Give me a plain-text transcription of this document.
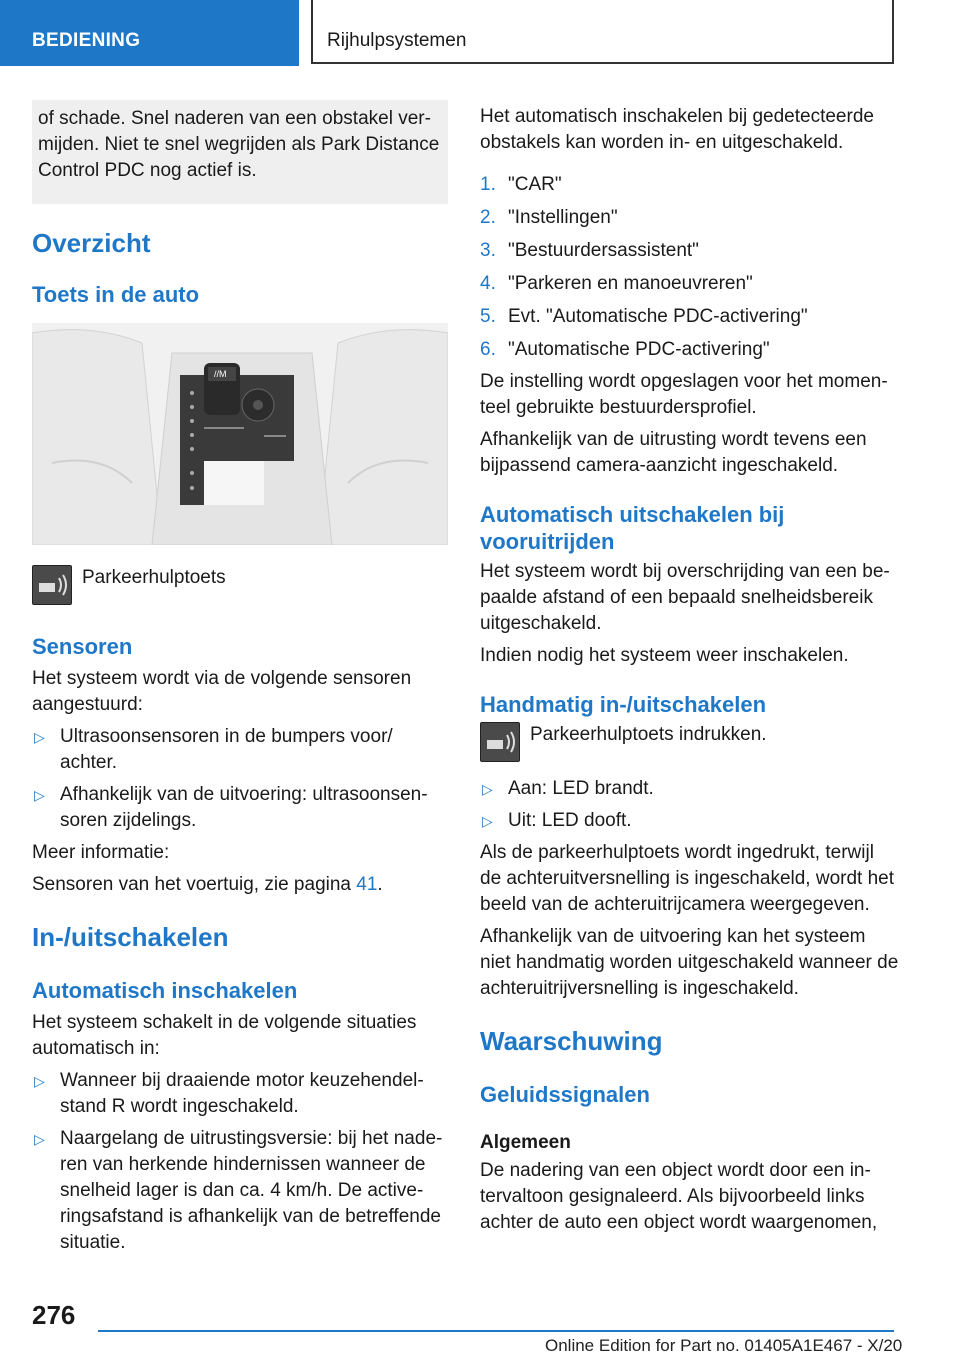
BEDIENING	Rijhulpsystemen

of schade. Snel naderen van een obstakel ver- mijden. Niet te snel wegrijden als Park Distance Control PDC nog actief is.

Overzicht
Toets in de auto
//M

Parkeerhulptoets

Sensoren

Het systeem wordt via de volgende sensoren aangestuurd:

▷ Ultrasoonsensoren in de bumpers voor/ achter.
▷ Afhankelijk van de uitvoering: ultrasoonsen- soren zijdelings.

Meer informatie:

Sensoren van het voertuig, zie pagina 41.

In-/uitschakelen
Automatisch inschakelen

Het systeem schakelt in de volgende situaties automatisch in:

▷ Wanneer bij draaiende motor keuzehendel- stand R wordt ingeschakeld.
▷ Naargelang de uitrustingsversie: bij het nade- ren van herkende hindernissen wanneer de snelheid lager is dan ca. 4 km/h. De active- ringsafstand is afhankelijk van de betreffende situatie.

Het automatisch inschakelen bij gedetecteerde obstakels kan worden in- en uitgeschakeld.

1. "CAR"
2. "Instellingen"
3. "Bestuurdersassistent"
4. "Parkeren en manoeuvreren"
5. Evt. "Automatische PDC-activering"
6. "Automatische PDC-activering"

De instelling wordt opgeslagen voor het momen- teel gebruikte bestuurdersprofiel.

Afhankelijk van de uitrusting wordt tevens een bijpassend camera-aanzicht ingeschakeld.

Automatisch uitschakelen bij vooruitrijden

Het systeem wordt bij overschrijding van een be- paalde afstand of een bepaald snelheidsbereik uitgeschakeld.

Indien nodig het systeem weer inschakelen.

Handmatig in-/uitschakelen

Parkeerhulptoets indrukken.

▷ Aan: LED brandt.
▷ Uit: LED dooft.

Als de parkeerhulptoets wordt ingedrukt, terwijl de achteruitversnelling is ingeschakeld, wordt het beeld van de achteruitrijcamera weergegeven.

Afhankelijk van de uitvoering kan het systeem niet handmatig worden uitgeschakeld wanneer de achteruitrijversnelling is ingeschakeld.

Waarschuwing
Geluidssignalen
Algemeen

De nadering van een object wordt door een in- tervaltoon gesignaleerd. Als bijvoorbeeld links achter de auto een object wordt waargenomen,

276
Online Edition for Part no. 01405A1E467 - X/20
